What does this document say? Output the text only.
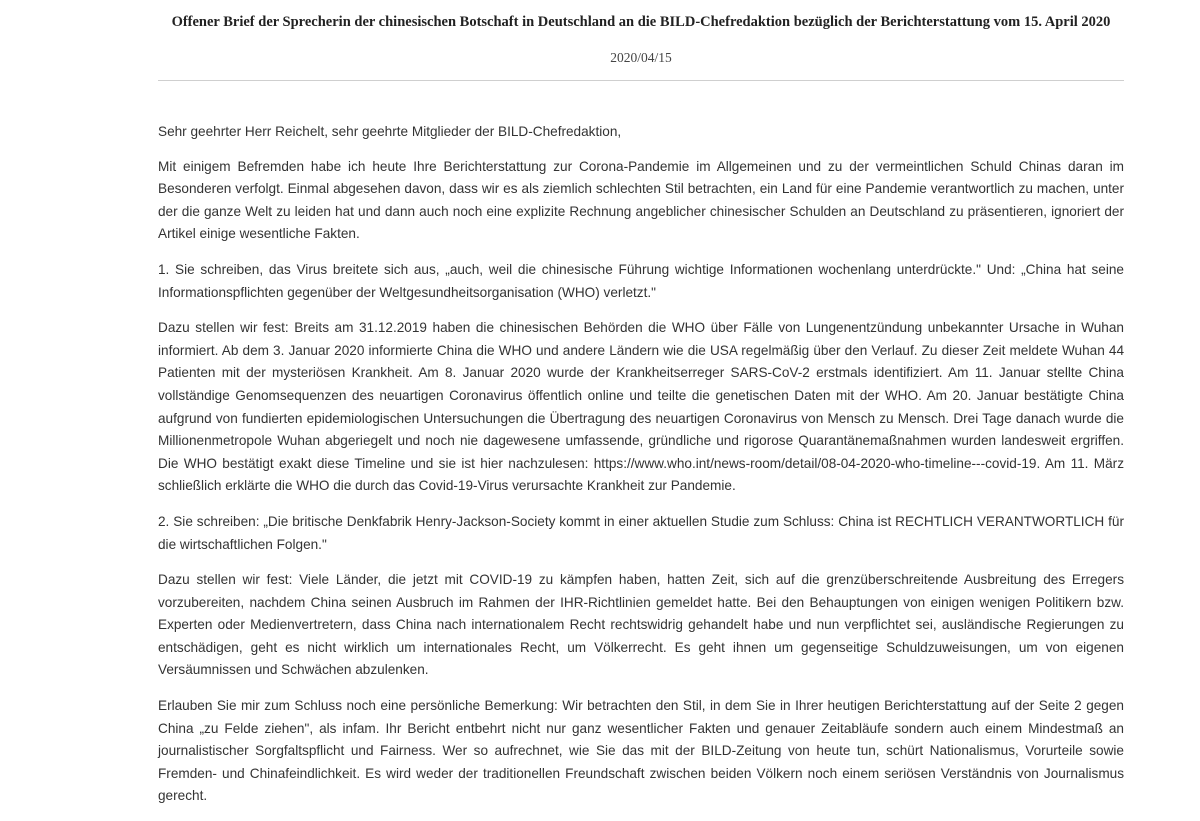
Offener Brief der Sprecherin der chinesischen Botschaft in Deutschland an die BILD-Chefredaktion bezüglich der Berichterstattung vom 15. April 2020
2020/04/15

Sehr geehrter Herr Reichelt, sehr geehrte Mitglieder der BILD-Chefredaktion,

Mit einigem Befremden habe ich heute Ihre Berichterstattung zur Corona-Pandemie im Allgemeinen und zu der vermeintlichen Schuld Chinas daran im Besonderen verfolgt. Einmal abgesehen davon, dass wir es als ziemlich schlechten Stil betrachten, ein Land für eine Pandemie verantwortlich zu machen, unter der die ganze Welt zu leiden hat und dann auch noch eine explizite Rechnung angeblicher chinesischer Schulden an Deutschland zu präsentieren, ignoriert der Artikel einige wesentliche Fakten.

1. Sie schreiben, das Virus breitete sich aus, „auch, weil die chinesische Führung wichtige Informationen wochenlang unterdrückte." Und: „China hat seine Informationspflichten gegenüber der Weltgesundheitsorganisation (WHO) verletzt."

Dazu stellen wir fest: Breits am 31.12.2019 haben die chinesischen Behörden die WHO über Fälle von Lungenentzündung unbekannter Ursache in Wuhan informiert. Ab dem 3. Januar 2020 informierte China die WHO und andere Ländern wie die USA regelmäßig über den Verlauf. Zu dieser Zeit meldete Wuhan 44 Patienten mit der mysteriösen Krankheit. Am 8. Januar 2020 wurde der Krankheitserreger SARS-CoV-2 erstmals identifiziert. Am 11. Januar stellte China vollständige Genomsequenzen des neuartigen Coronavirus öffentlich online und teilte die genetischen Daten mit der WHO. Am 20. Januar bestätigte China aufgrund von fundierten epidemiologischen Untersuchungen die Übertragung des neuartigen Coronavirus von Mensch zu Mensch. Drei Tage danach wurde die Millionenmetropole Wuhan abgeriegelt und noch nie dagewesene umfassende, gründliche und rigorose Quarantänemaßnahmen wurden landesweit ergriffen. Die WHO bestätigt exakt diese Timeline und sie ist hier nachzulesen: https://www.who.int/news-room/detail/08-04-2020-who-timeline---covid-19. Am 11. März schließlich erklärte die WHO die durch das Covid-19-Virus verursachte Krankheit zur Pandemie.

2. Sie schreiben: „Die britische Denkfabrik Henry-Jackson-Society kommt in einer aktuellen Studie zum Schluss: China ist RECHTLICH VERANTWORTLICH für die wirtschaftlichen Folgen."

Dazu stellen wir fest: Viele Länder, die jetzt mit COVID-19 zu kämpfen haben, hatten Zeit, sich auf die grenzüberschreitende Ausbreitung des Erregers vorzubereiten, nachdem China seinen Ausbruch im Rahmen der IHR-Richtlinien gemeldet hatte. Bei den Behauptungen von einigen wenigen Politikern bzw. Experten oder Medienvertretern, dass China nach internationalem Recht rechtswidrig gehandelt habe und nun verpflichtet sei, ausländische Regierungen zu entschädigen, geht es nicht wirklich um internationales Recht, um Völkerrecht. Es geht ihnen um gegenseitige Schuldzuweisungen, um von eigenen Versäumnissen und Schwächen abzulenken.

Erlauben Sie mir zum Schluss noch eine persönliche Bemerkung: Wir betrachten den Stil, in dem Sie in Ihrer heutigen Berichterstattung auf der Seite 2 gegen China „zu Felde ziehen", als infam. Ihr Bericht entbehrt nicht nur ganz wesentlicher Fakten und genauer Zeitabläufe sondern auch einem Mindestmaß an journalistischer Sorgfaltspflicht und Fairness. Wer so aufrechnet, wie Sie das mit der BILD-Zeitung von heute tun, schürt Nationalismus, Vorurteile sowie Fremden- und Chinafeindlichkeit. Es wird weder der traditionellen Freundschaft zwischen beiden Völkern noch einem seriösen Verständnis von Journalismus gerecht.
